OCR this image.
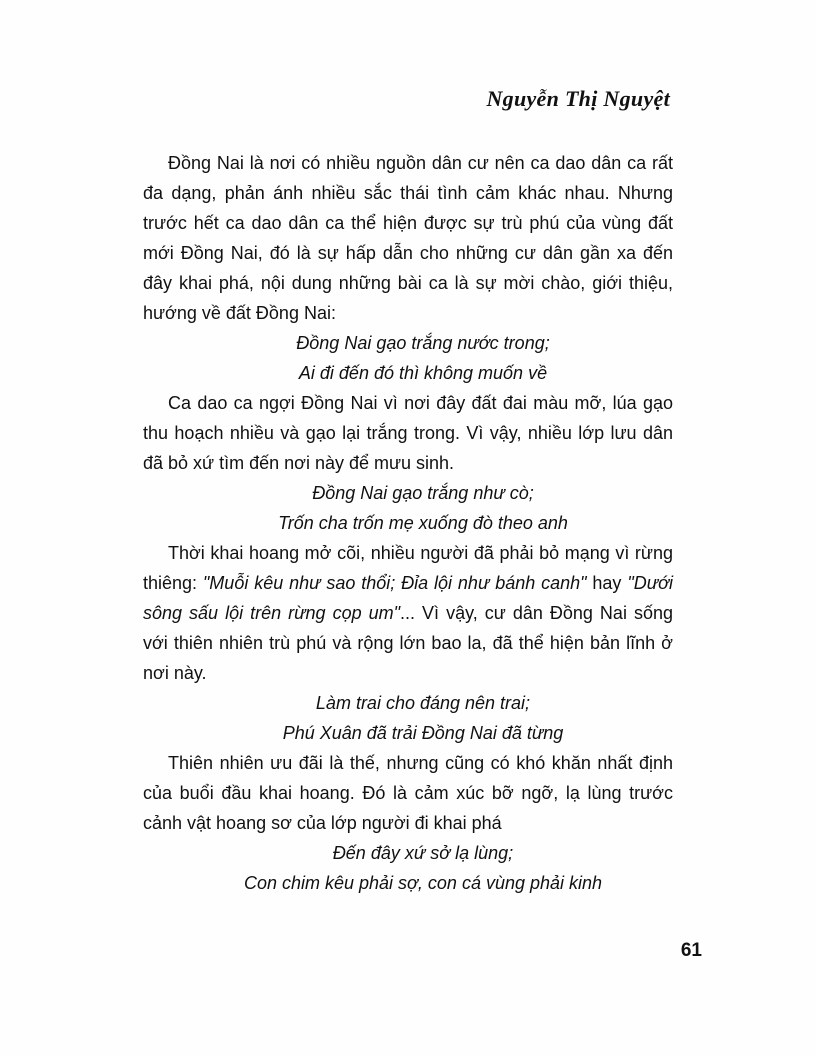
Nguyễn Thị Nguyệt

Đồng Nai là nơi có nhiều nguồn dân cư nên ca dao dân ca rất đa dạng, phản ánh nhiều sắc thái tình cảm khác nhau. Nhưng trước hết ca dao dân ca thể hiện được sự trù phú của vùng đất mới Đồng Nai, đó là sự hấp dẫn cho những cư dân gần xa đến đây khai phá, nội dung những bài ca là sự mời chào, giới thiệu, hướng về đất Đồng Nai:

Đồng Nai gạo trắng nước trong;

Ai đi đến đó thì không muốn về

Ca dao ca ngợi Đồng Nai vì nơi đây đất đai màu mỡ, lúa gạo thu hoạch nhiều và gạo lại trắng trong. Vì vậy, nhiều lớp lưu dân đã bỏ xứ tìm đến nơi này để mưu sinh.

Đồng Nai gạo trắng như cò;

Trốn cha trốn mẹ xuống đò theo anh

Thời khai hoang mở cõi, nhiều người đã phải bỏ mạng vì rừng thiêng: "Muỗi kêu như sao thổi; Đỉa lội như bánh canh" hay "Dưới sông sấu lội trên rừng cọp um"... Vì vậy, cư dân Đồng Nai sống với thiên nhiên trù phú và rộng lớn bao la, đã thể hiện bản lĩnh ở nơi này.

Làm trai cho đáng nên trai;

Phú Xuân đã trải Đồng Nai đã từng

Thiên nhiên ưu đãi là thế, nhưng cũng có khó khăn nhất định của buổi đầu khai hoang. Đó là cảm xúc bỡ ngỡ, lạ lùng trước cảnh vật hoang sơ của lớp người đi khai phá

Đến đây xứ sở lạ lùng;

Con chim kêu phải sợ, con cá vùng phải kinh

61
